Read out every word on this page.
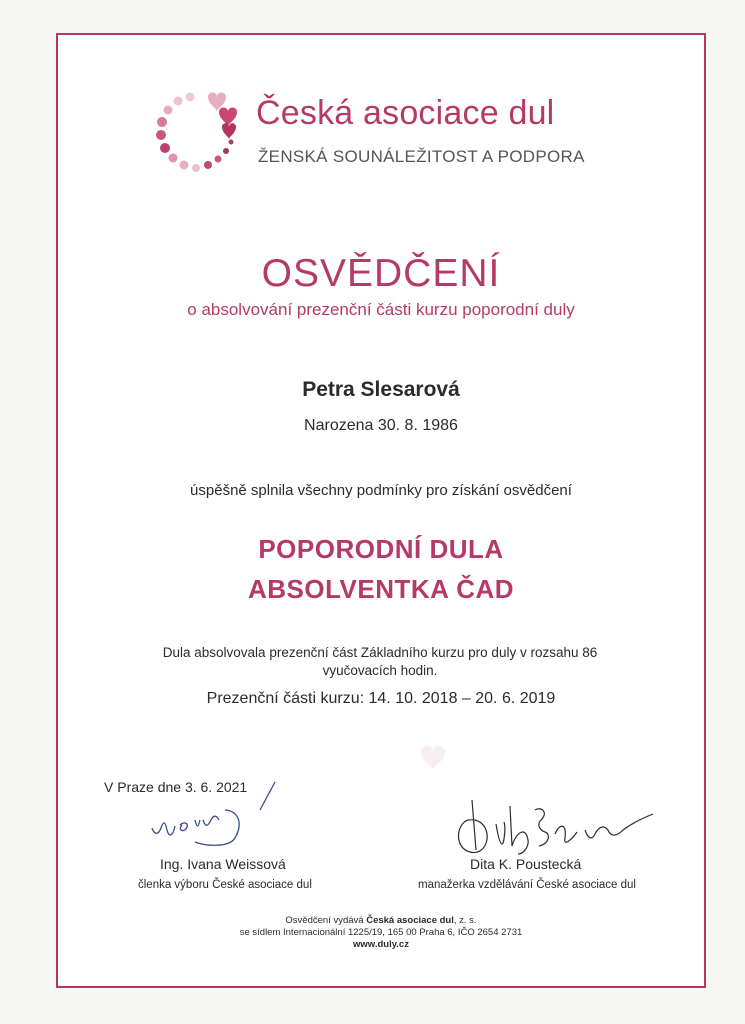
Česká asociace dul
ŽENSKÁ SOUNÁLEŽITOST A PODPORA
OSVĚDČENÍ
o absolvování prezenční části kurzu poporodní duly
Petra Slesarová
Narozena 30. 8. 1986
úspěšně splnila všechny podmínky pro získání osvědčení
POPORODNÍ DULA
ABSOLVENTKA ČAD
Dula absolvovala prezenční část Základního kurzu pro duly v rozsahu 86 vyučovacích hodin.
Prezenční části kurzu: 14. 10. 2018 – 20. 6. 2019
V Praze dne 3. 6. 2021
Ing. Ivana Weissová
členka výboru České asociace dul
Dita K. Poustecká
manažerka vzdělávání České asociace dul
Osvědčení vydává Česká asociace dul, z. s.
se sídlem Internacionální 1225/19, 165 00 Praha 6, IČO 2654 2731
www.duly.cz
